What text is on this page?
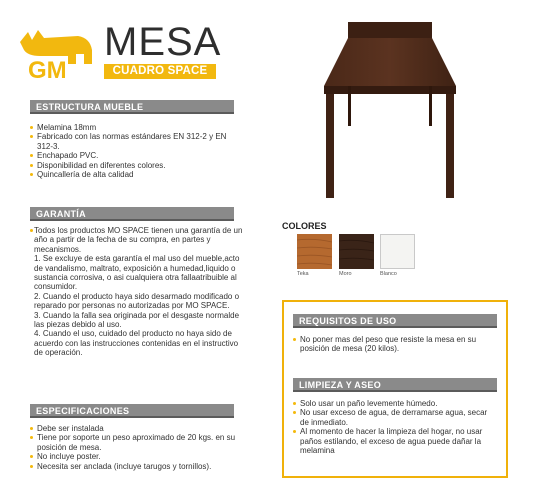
GM
MESA
CUADRO SPACE
ESTRUCTURA MUEBLE
Melamina 18mm
Fabricado con las normas estándares EN 312-2 y EN 312-3.
Enchapado PVC.
Disponibilidad en diferentes colores.
Quincallería de alta calidad
GARANTÍA
Todos los productos MO SPACE tienen una garantía de un año a partir de la fecha de su compra, en partes y mecanismos.
1. Se excluye de esta garantía el mal uso del mueble,acto de vandalismo, maltrato, exposición a humedad,liquido o sustancia corrosiva, o asi cualquiera otra fallaatribuible al consumidor.
2. Cuando el producto haya sido desarmado modificado o reparado por personas no autorizadas por MO SPACE.
3. Cuando la falla sea originada por el desgaste normalde las piezas debido al uso.
4. Cuando el uso, cuidado del producto no haya sido de acuerdo con las instrucciones contenidas en el instructivo de operación.
ESPECIFICACIONES
Debe ser instalada
Tiene por soporte un peso aproximado de 20 kgs. en su posición de mesa.
No incluye poster.
Necesita ser anclada (incluye tarugos y tornillos).
COLORES
Teka	Moro	Blanco
REQUISITOS DE USO
No poner mas del peso que resiste la mesa en su posición de mesa (20 kilos).
LIMPIEZA Y ASEO
Solo usar un paño levemente húmedo.
No usar exceso de agua, de derramarse agua, secar de inmediato.
Al momento de hacer la limpieza del hogar, no usar paños estilando, el exceso de agua puede dañar la melamina
